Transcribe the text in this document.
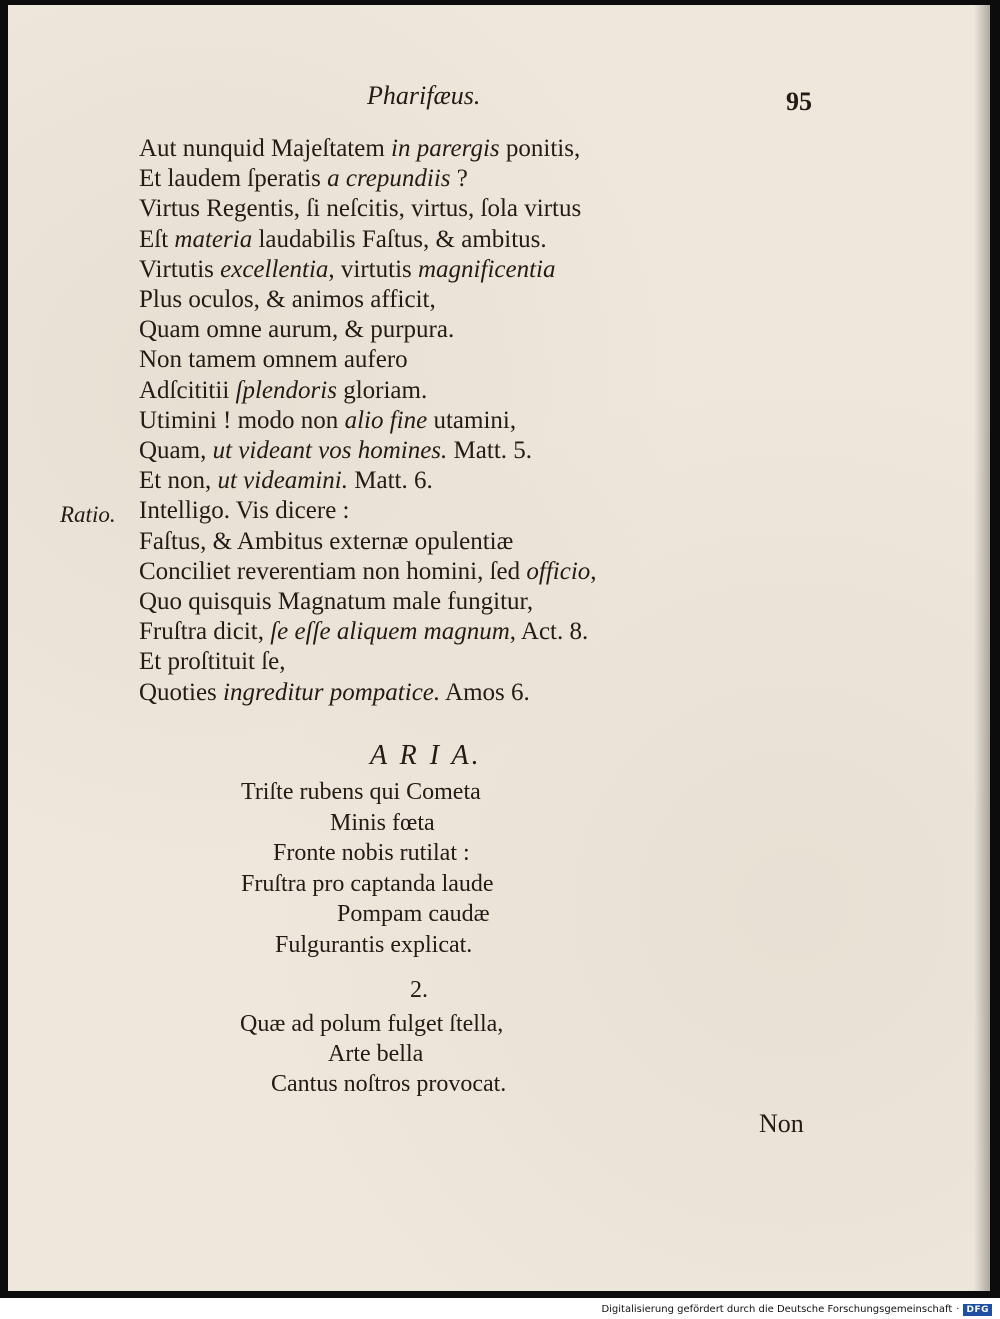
Pharifæus.	95
Ratio.
Aut nunquid Majeſtatem in parergis ponitis,
Et laudem ſperatis a crepundiis ?
Virtus Regentis, ſi neſcitis, virtus, ſola virtus
Eſt materia laudabilis Faſtus, & ambitus.
Virtutis excellentia, virtutis magnificentia
Plus oculos, & animos afficit,
Quam omne aurum, & purpura.
Non tamem omnem aufero
Adſcititii ſplendoris gloriam.
Utimini ! modo non alio fine utamini,
Quam, ut videant vos homines. Matt. 5.
Et non, ut videamini. Matt. 6.
Intelligo. Vis dicere :
Faſtus, & Ambitus externæ opulentiæ
Conciliet reverentiam non homini, ſed officio,
Quo quisquis Magnatum male fungitur,
Fruſtra dicit, ſe eſſe aliquem magnum, Act. 8.
Et proſtituit ſe,
Quoties ingreditur pompatice. Amos 6.
A R I A.
Triſte rubens qui Cometa
Minis fœta
Fronte nobis rutilat :
Fruſtra pro captanda laude
Pompam caudæ
Fulgurantis explicat.
2.
Quæ ad polum fulget ſtella,
Arte bella
Cantus noſtros provocat.
Non
Digitalisierung gefördert durch die Deutsche Forschungsgemeinschaft · DFG
